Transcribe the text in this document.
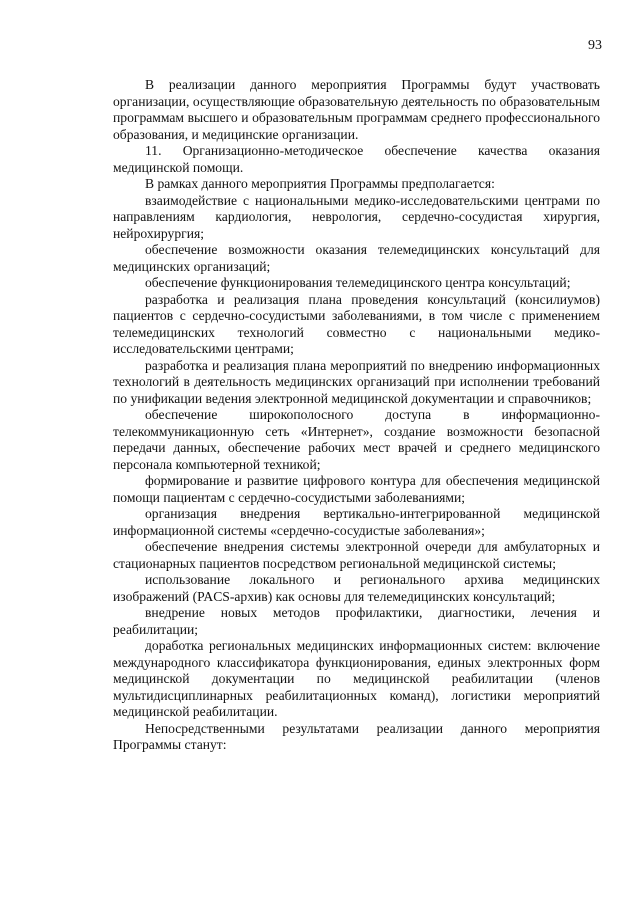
93

В реализации данного мероприятия Программы будут участвовать организации, осуществляющие образовательную деятельность по образовательным программам высшего и образовательным программам среднего профессионального образования, и медицинские организации.

11. Организационно-методическое обеспечение качества оказания медицинской помощи.

В рамках данного мероприятия Программы предполагается:

взаимодействие с национальными медико-исследовательскими центрами по направлениям кардиология, неврология, сердечно-сосудистая хирургия, нейрохирургия;

обеспечение возможности оказания телемедицинских консультаций для медицинских организаций;

обеспечение функционирования телемедицинского центра консультаций;

разработка и реализация плана проведения консультаций (консилиумов) пациентов с сердечно-сосудистыми заболеваниями, в том числе с применением телемедицинских технологий совместно с национальными медико-исследовательскими центрами;

разработка и реализация плана мероприятий по внедрению информационных технологий в деятельность медицинских организаций при исполнении требований по унификации ведения электронной медицинской документации и справочников;

обеспечение широкополосного доступа в информационно-телекоммуникационную сеть «Интернет», создание возможности безопасной передачи данных, обеспечение рабочих мест врачей и среднего медицинского персонала компьютерной техникой;

формирование и развитие цифрового контура для обеспечения медицинской помощи пациентам с сердечно-сосудистыми заболеваниями;

организация внедрения вертикально-интегрированной медицинской информационной системы «сердечно-сосудистые заболевания»;

обеспечение внедрения системы электронной очереди для амбулаторных и стационарных пациентов посредством региональной медицинской системы;

использование локального и регионального архива медицинских изображений (PACS-архив) как основы для телемедицинских консультаций;

внедрение новых методов профилактики, диагностики, лечения и реабилитации;

доработка региональных медицинских информационных систем: включение международного классификатора функционирования, единых электронных форм медицинской документации по медицинской реабилитации (членов мультидисциплинарных реабилитационных команд), логистики мероприятий медицинской реабилитации.

Непосредственными результатами реализации данного мероприятия Программы станут:
